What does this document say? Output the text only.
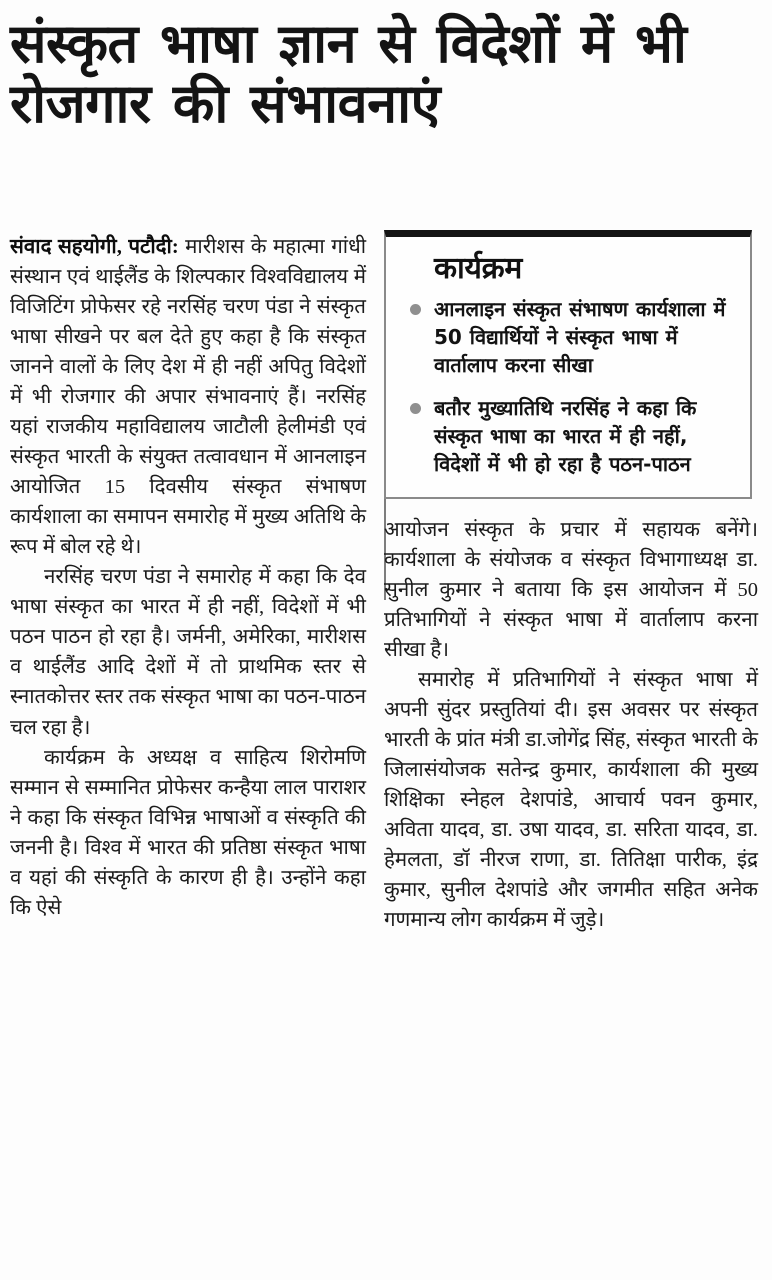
संस्कृत भाषा ज्ञान से विदेशों में भी रोजगार की संभावनाएं

संवाद सहयोगी, पटौदी: मारीशस के महात्मा गांधी संस्थान एवं थाईलैंड के शिल्पकार विश्वविद्यालय में विजिटिंग प्रोफेसर रहे नरसिंह चरण पंडा ने संस्कृत भाषा सीखने पर बल देते हुए कहा है कि संस्कृत जानने वालों के लिए देश में ही नहीं अपितु विदेशों में भी रोजगार की अपार संभावनाएं हैं। नरसिंह यहां राजकीय महाविद्यालय जाटौली हेलीमंडी एवं संस्कृत भारती के संयुक्त तत्वावधान में आनलाइन आयोजित 15 दिवसीय संस्कृत संभाषण कार्यशाला का समापन समारोह में मुख्य अतिथि के रूप में बोल रहे थे।

नरसिंह चरण पंडा ने समारोह में कहा कि देव भाषा संस्कृत का भारत में ही नहीं, विदेशों में भी पठन पाठन हो रहा है। जर्मनी, अमेरिका, मारीशस व थाईलैंड आदि देशों में तो प्राथमिक स्तर से स्नातकोत्तर स्तर तक संस्कृत भाषा का पठन-पाठन चल रहा है।

कार्यक्रम के अध्यक्ष व साहित्य शिरोमणि सम्मान से सम्मानित प्रोफेसर कन्हैया लाल पाराशर ने कहा कि संस्कृत विभिन्न भाषाओं व संस्कृति की जननी है। विश्व में भारत की प्रतिष्ठा संस्कृत भाषा व यहां की संस्कृति के कारण ही है। उन्होंने कहा कि ऐसे

कार्यक्रम
आनलाइन संस्कृत संभाषण कार्यशाला में 50 विद्यार्थियों ने संस्कृत भाषा में वार्तालाप करना सीखा
बतौर मुख्यातिथि नरसिंह ने कहा कि संस्कृत भाषा का भारत में ही नहीं, विदेशों में भी हो रहा है पठन-पाठन

आयोजन संस्कृत के प्रचार में सहायक बनेंगे। कार्यशाला के संयोजक व संस्कृत विभागाध्यक्ष डा. सुनील कुमार ने बताया कि इस आयोजन में 50 प्रतिभागियों ने संस्कृत भाषा में वार्तालाप करना सीखा है।

समारोह में प्रतिभागियों ने संस्कृत भाषा में अपनी सुंदर प्रस्तुतियां दी। इस अवसर पर संस्कृत भारती के प्रांत मंत्री डा.जोगेंद्र सिंह, संस्कृत भारती के जिलासंयोजक सतेन्द्र कुमार, कार्यशाला की मुख्य शिक्षिका स्नेहल देशपांडे, आचार्य पवन कुमार, अविता यादव, डा. उषा यादव, डा. सरिता यादव, डा. हेमलता, डॉ नीरज राणा, डा. तितिक्षा पारीक, इंद्र कुमार, सुनील देशपांडे और जगमीत सहित अनेक गणमान्य लोग कार्यक्रम में जुड़े।
